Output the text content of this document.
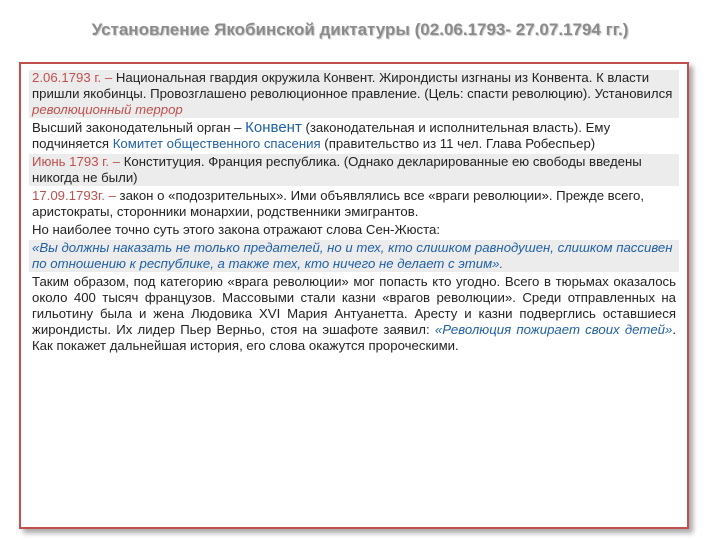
Установление Якобинской диктатуры (02.06.1793- 27.07.1794 гг.)
2.06.1793 г. – Национальная гвардия окружила Конвент. Жирондисты изгнаны из Конвента. К власти пришли якобинцы. Провозглашено революционное правление. (Цель: спасти революцию). Установился революционный террор
Высший законодательный орган – Конвент (законодательная и исполнительная власть). Ему подчиняется Комитет общественного спасения (правительство из 11 чел. Глава Робеспьер)
Июнь 1793 г. – Конституция. Франция республика. (Однако декларированные ею свободы введены никогда не были)
17.09.1793г. – закон о «подозрительных». Ими объявлялись все «враги революции». Прежде всего, аристократы, сторонники монархии, родственники эмигрантов.
Но наиболее точно суть этого закона отражают слова Сен-Жюста:
«Вы должны наказать не только предателей, но и тех, кто слишком равнодушен, слишком пассивен по отношению к республике, а также тех, кто ничего не делает с этим».
Таким образом, под категорию «врага революции» мог попасть кто угодно. Всего в тюрьмах оказалось около 400 тысяч французов. Массовыми стали казни «врагов революции». Среди отправленных на гильотину была и жена Людовика XVI Мария Антуанетта. Аресту и казни подверглись оставшиеся жирондисты. Их лидер Пьер Верньо, стоя на эшафоте заявил: «Революция пожирает своих детей». Как покажет дальнейшая история, его слова окажутся пророческими.
